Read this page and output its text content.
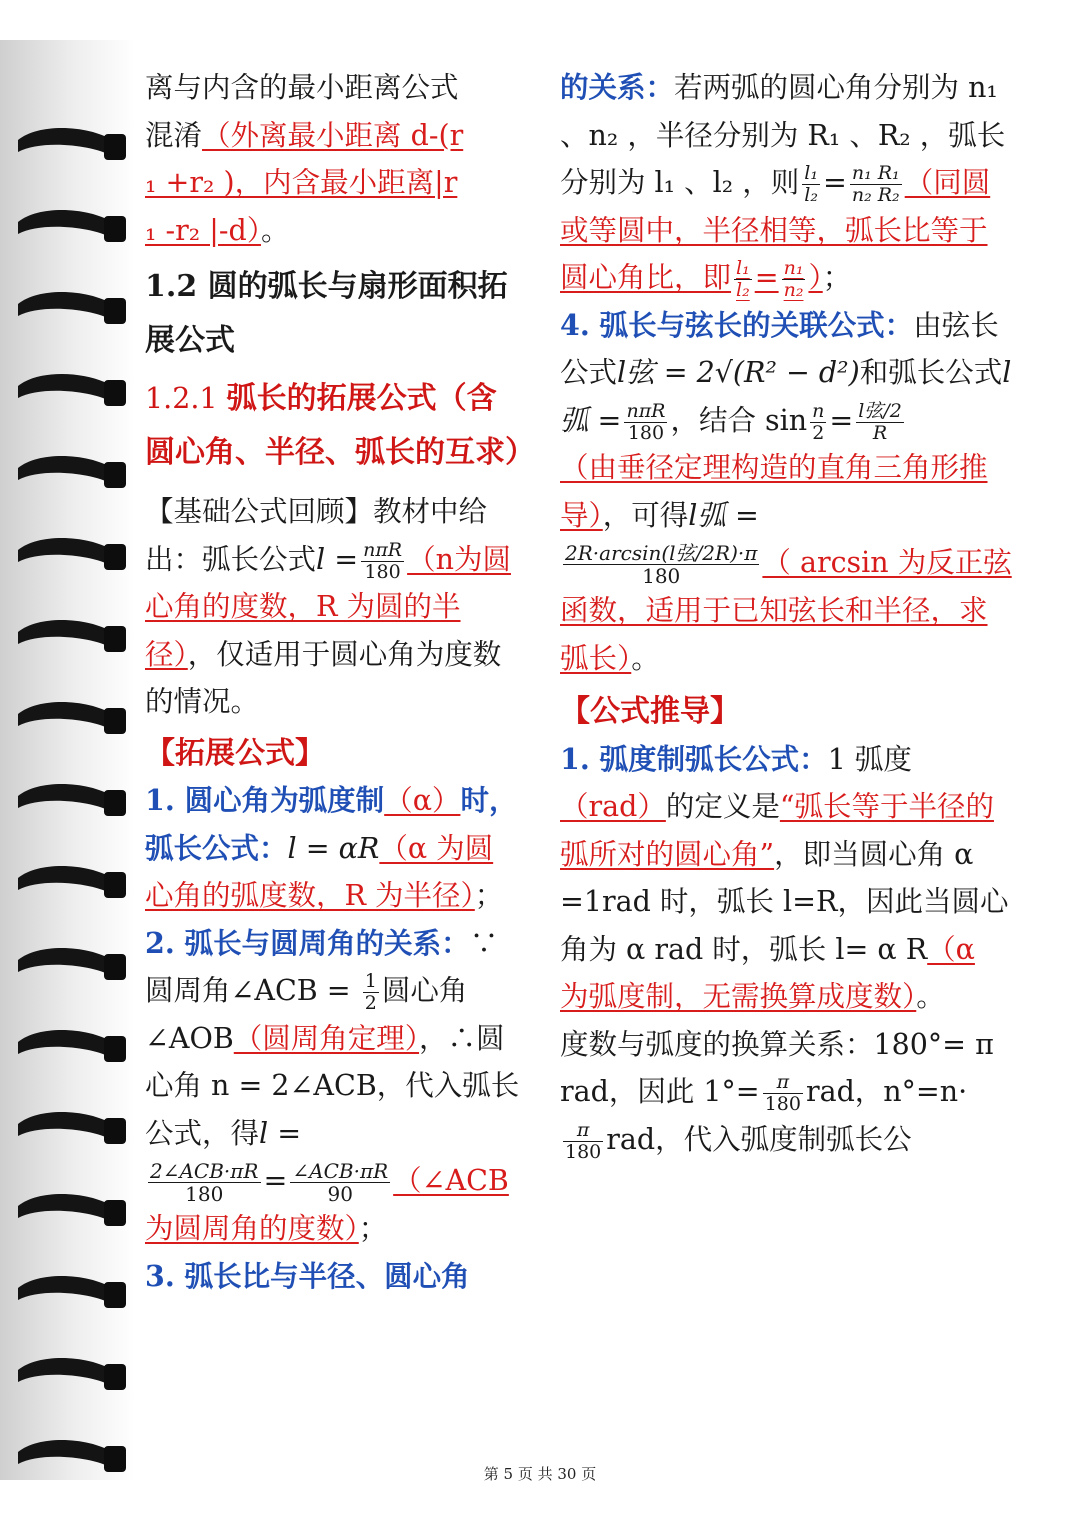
离与内含的最小距离公式

混淆（外离最小距离 d-(r

₁ +r₂ )，内含最小距离|r

₁ -r₂ |-d）。

1.2 圆的弧长与扇形面积拓展公式

1.2.1 弧长的拓展公式（含圆心角、半径、弧长的互求）

【基础公式回顾】教材中给出：弧长公式$l = \frac{\text{nπR}}{180} (n$为圆心角的度数，R 为圆的半径），仅适用于圆心角为度数的情况。

【拓展公式】

1. 圆心角为弧度制（α）时，弧长公式：l = αR（α 为圆心角的弧度数，R 为半径）；

2. 弧长与圆周角的关系：∵圆周角∠ACB = $\frac{1}{2}$ 圆心角∠AOB（圆周角定理），∴圆心角 n = 2∠ACB，代入弧长公式，得l =

$\frac{\text{2∠ACB·πR}}{180} = \frac{\text{∠ACB·πR}}{90}$ （∠ACB 为圆周角的度数）；

3. 弧长比与半径、圆心角

的关系：若两弧的圆心角分别为 n₁ 、n₂ ，半径分别为 R₁ 、R₂ ，弧长分别为 l₁ 、l₂ ，则 $\frac{\text{l₁}}{\text{l₂}} = \frac{\text{n₁ R₁}}{\text{n₂ R₂}}$ （同圆或等圆中，半径相等，弧长比等于圆心角比，即 $\frac{\text{l₁}}{\text{l₂}} = \frac{\text{n₁}}{\text{n₂}}$ ）；

4. 弧长与弦长的关联公式：由弦长公式l弦 = 2√(R² − d²)和弧长公式l弧 = $\frac{\text{nπR}}{180}$ ，结合 $\sin \frac{n}{2} = \frac{\text{l弦/2}}{R}$

（由垂径定理构造的直角三角形推导），可得l弧 =

$\frac{\text{2R·arcsin(l弦/2R)·π}}{180}$ （ arcsin 为反正弦函数，适用于已知弦长和半径，求弧长）。

【公式推导】

1. 弧度制弧长公式：1 弧度（rad）的定义是“弧长等于半径的弧所对的圆心角”，即当圆心角 α =1rad 时，弧长 l=R，因此当圆心角为 α rad 时，弧长 l= α R（α 为弧度制，无需换算成度数）。

度数与弧度的换算关系：180°= π rad，因此 $1^\circ= \frac{\pi}{180}$ rad，n°=n·
$\frac{\pi}{180}$ rad，代入弧度制弧长公

第 5 页 共 30 页
